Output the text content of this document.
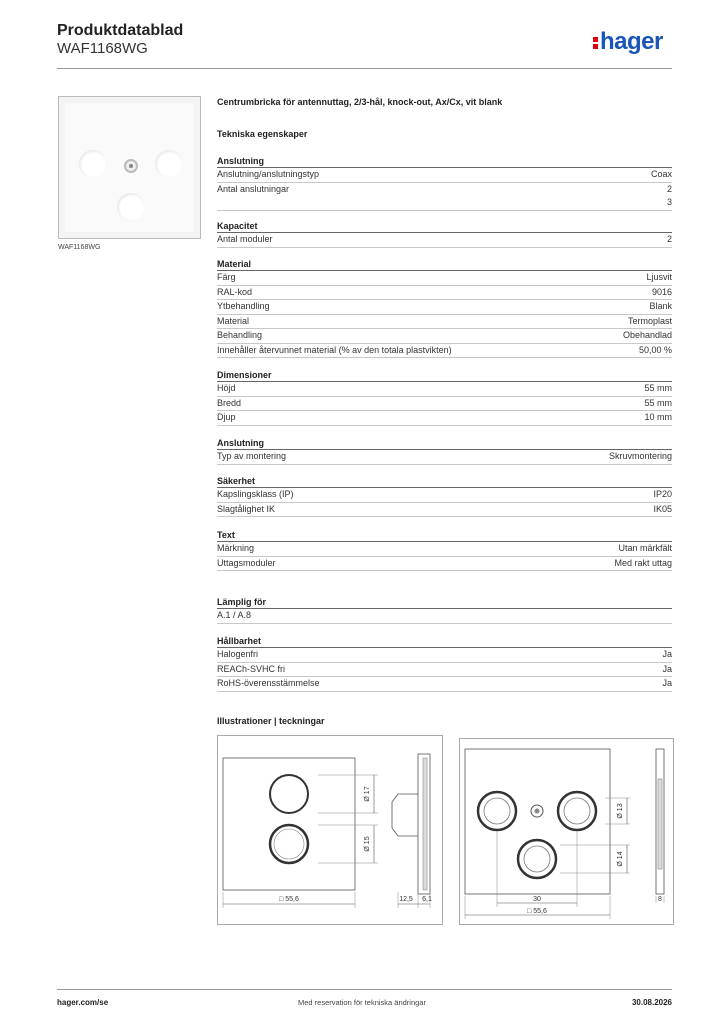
Produktdatablad
WAF1168WG	hager
WAF1168WG
Centrumbricka för antennuttag, 2/3-hål, knock-out, Ax/Cx, vit blank
Tekniska egenskaper
Anslutning
Anslutning/anslutningstyp	Coax
Antal anslutningar	2
3
Kapacitet
Antal moduler	2
Material
Färg	Ljusvit
RAL-kod	9016
Ytbehandling	Blank
Material	Termoplast
Behandling	Obehandlad
Innehåller återvunnet material (% av den totala plastvikten)	50,00 %
Dimensioner
Höjd	55 mm
Bredd	55 mm
Djup	10 mm
Anslutning
Typ av montering	Skruvmontering
Säkerhet
Kapslingsklass (IP)	IP20
Slagtålighet IK	IK05
Text
Märkning	Utan märkfält
Uttagsmoduler	Med rakt uttag
Lämplig för
A.1 / A.8
Hållbarhet
Halogenfri	Ja
REACh-SVHC fri	Ja
RoHS-överensstämmelse	Ja
Illustrationer | teckningar
Ø 17
Ø 15
□ 55,6	12,5 6,1
Ø 13
Ø 14
30
□ 55,6
8
hager.com/se	Med reservation för tekniska ändringar	30.08.2026
